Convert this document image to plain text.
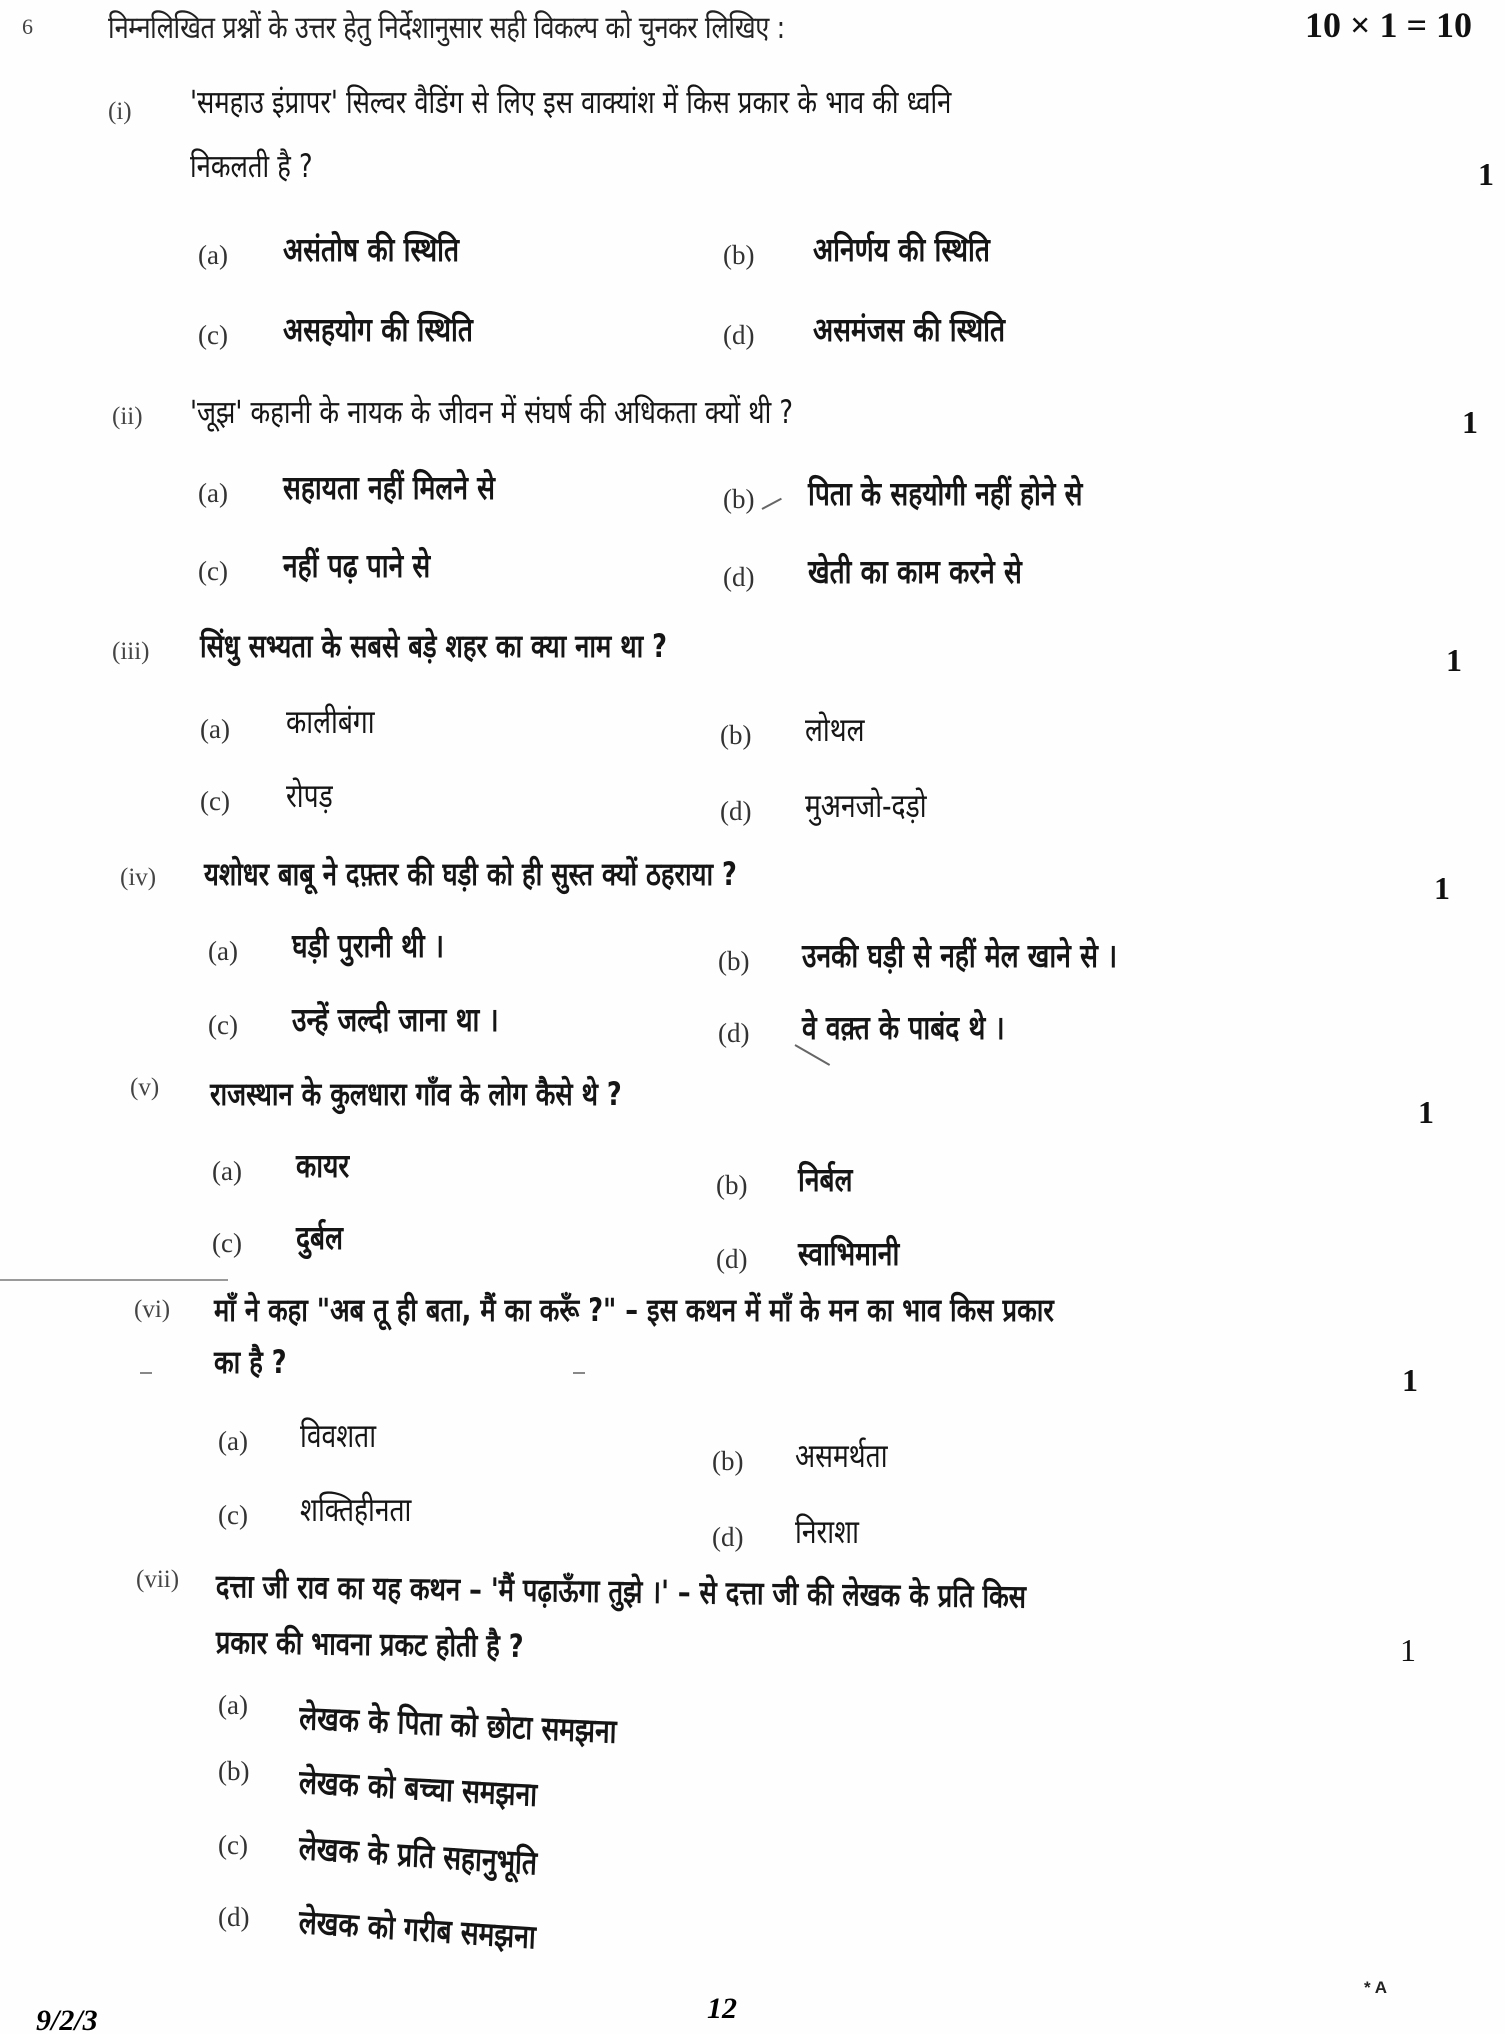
6 निम्नलिखित प्रश्नों के उत्तर हेतु निर्देशानुसार सही विकल्प को चुनकर लिखिए :	10 × 1 = 10
(i) 'समहाउ इंप्रापर' सिल्वर वैडिंग से लिए इस वाक्यांश में किस प्रकार के भाव की ध्वनि
निकलती है ?	1
(a) असंतोष की स्थिति	(b) अनिर्णय की स्थिति
(c) असहयोग की स्थिति	(d) असमंजस की स्थिति
(ii) 'जूझ' कहानी के नायक के जीवन में संघर्ष की अधिकता क्यों थी ?	1
(a) सहायता नहीं मिलने से	(b) पिता के सहयोगी नहीं होने से
(c) नहीं पढ़ पाने से	(d) खेती का काम करने से
(iii) सिंधु सभ्यता के सबसे बड़े शहर का क्या नाम था ?	1
(a) कालीबंगा	(b) लोथल
(c) रोपड़	(d) मुअनजो-दड़ो
(iv) यशोधर बाबू ने दफ़्तर की घड़ी को ही सुस्त क्यों ठहराया ?	1
(a) घड़ी पुरानी थी ।	(b) उनकी घड़ी से नहीं मेल खाने से ।
(c) उन्हें जल्दी जाना था ।	(d) वे वक़्त के पाबंद थे ।
(v) राजस्थान के कुलधारा गाँव के लोग कैसे थे ?	1
(a) कायर	(b) निर्बल
(c) दुर्बल
(d) स्वाभिमानी
(vi) माँ ने कहा "अब तू ही बता, मैं का करूँ ?" – इस कथन में माँ के मन का भाव किस प्रकार
का है ?	1
(a) विवशता
(b) असमर्थता
(c) शक्तिहीनता
(d) निराशा
(vii) दत्ता जी राव का यह कथन – 'मैं पढ़ाऊँगा तुझे ।' – से दत्ता जी की लेखक के प्रति किस
प्रकार की भावना प्रकट होती है ?	1
(a) लेखक के पिता को छोटा समझना
(b) लेखक को बच्चा समझना
(c) लेखक के प्रति सहानुभूति
(d) लेखक को गरीब समझना
9/2/3	12
* A
